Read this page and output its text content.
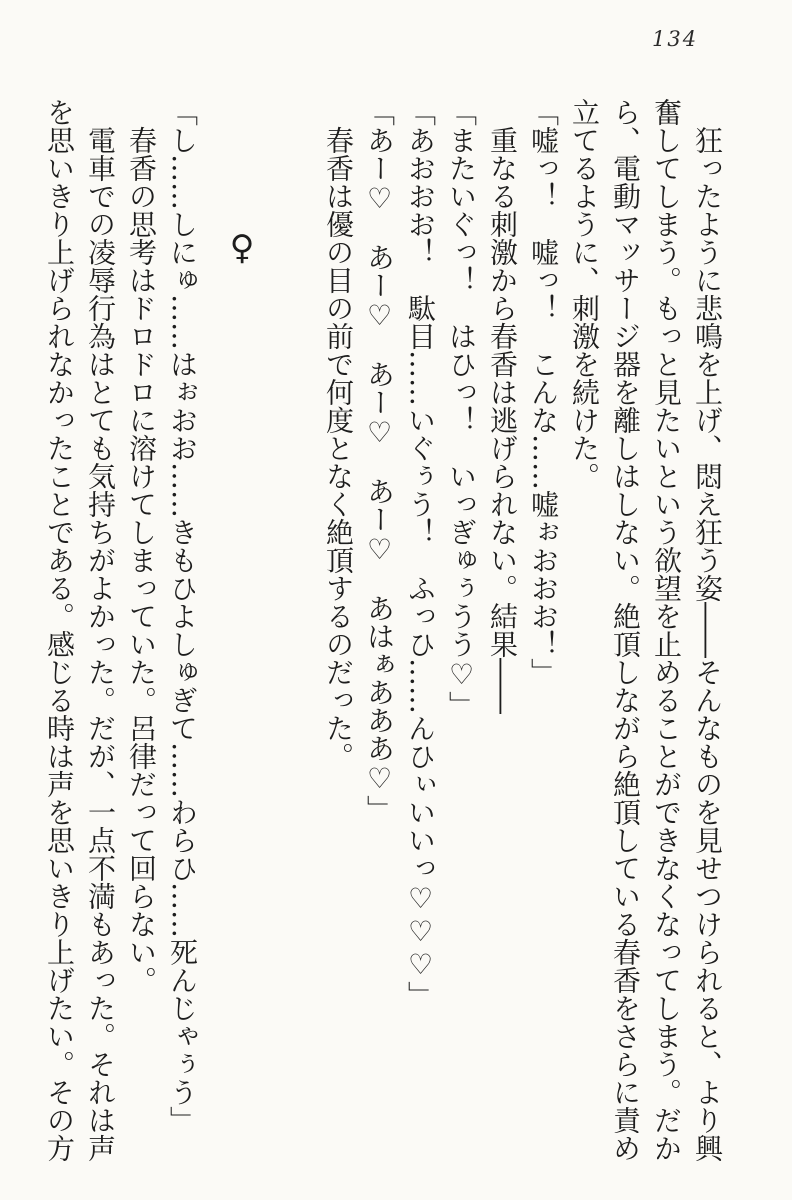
134

狂ったように悲鳴を上げ、悶え狂う姿――そんなものを見せつけられると、より興奮してしまう。もっと見たいという欲望を止めることができなくなってしまう。だから、電動マッサージ器を離しはしない。絶頂しながら絶頂している春香をさらに責め立てるように、刺激を続けた。

「嘘っ！　嘘っ！　こんな……嘘ぉおおお！」

重なる刺激から春香は逃げられない。結果――

「またいぐっ！　はひっ！　いっぎゅぅうう♡」

「あおおお！　駄目……いぐぅう！　ふっひ……んひぃいいっ♡♡♡」

「あー♡　あー♡　あー♡　あー♡　あはぁあああ♡」

春香は優の目の前で何度となく絶頂するのだった。

♀

「し……しにゅ……はぉおお……きもひよしゅぎて……わらひ……死んじゃぅう」

春香の思考はドロドロに溶けてしまっていた。呂律だって回らない。

電車での凌辱行為はとても気持ちがよかった。だが、一点不満もあった。それは声を思いきり上げられなかったことである。感じる時は声を思いきり上げたい。その方
